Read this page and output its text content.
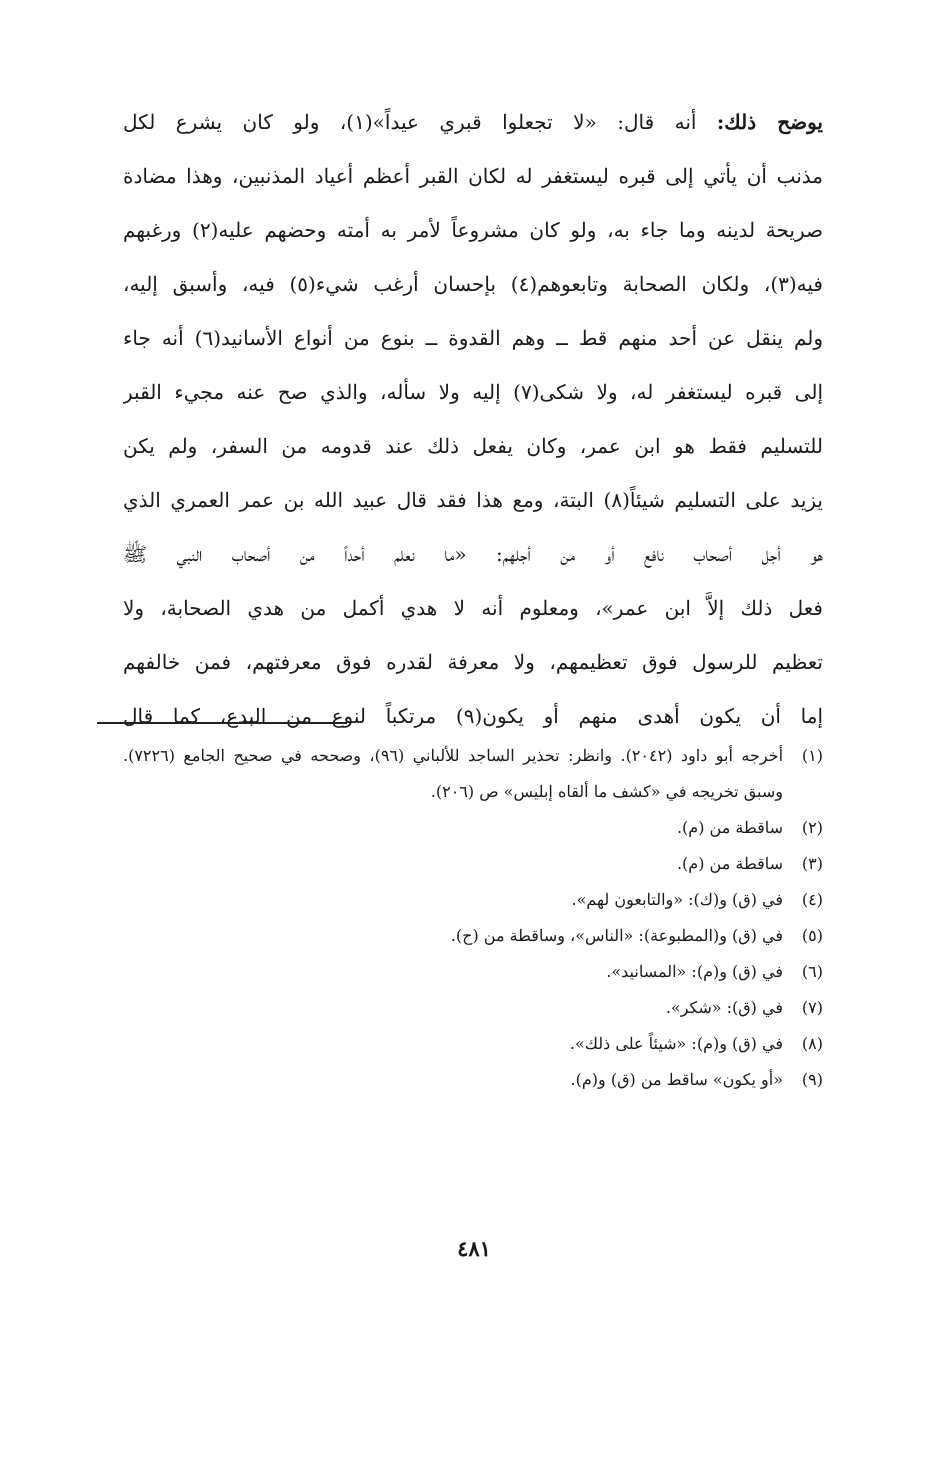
يوضح ذلك: أنه قال: «لا تجعلوا قبري عيداً»(١)، ولو كان يشرع لكل
مذنب أن يأتي إلى قبره ليستغفر له لكان القبر أعظم أعياد المذنبين، وهذا مضادة
صريحة لدينه وما جاء به، ولو كان مشروعاً لأمر به أمته وحضهم عليه(٢) ورغبهم
فيه(٣)، ولكان الصحابة وتابعوهم(٤) بإحسان أرغب شيء(٥) فيه، وأسبق إليه،
ولم ينقل عن أحد منهم قط ــ وهم القدوة ــ بنوع من أنواع الأسانيد(٦) أنه جاء
إلى قبره ليستغفر له، ولا شكى(٧) إليه ولا سأله، والذي صح عنه مجيء القبر
للتسليم فقط هو ابن عمر، وكان يفعل ذلك عند قدومه من السفر، ولم يكن
يزيد على التسليم شيئاً(٨) البتة، ومع هذا فقد قال عبيد الله بن عمر العمري الذي
هو أجل أصحاب نافع أو من أجلهم: «ما نعلم أحداً من أصحاب النبي ﷺ
فعل ذلك إلاَّ ابن عمر»، ومعلوم أنه لا هدي أكمل من هدي الصحابة، ولا
تعظيم للرسول فوق تعظيمهم، ولا معرفة لقدره فوق معرفتهم، فمن خالفهم
إما أن يكون أهدى منهم أو يكون(٩) مرتكباً لنوع من البدع، كما قال
(١)
أخرجه أبو داود (٢٠٤٢). وانظر: تحذير الساجد للألباني (٩٦)، وصححه في صحيح الجامع (٧٢٢٦). وسبق تخريجه في «كشف ما ألقاه إبليس» ص (٢٠٦).
(٢)
ساقطة من (م).
(٣)
ساقطة من (م).
(٤)
في (ق) و(ك): «والتابعون لهم».
(٥)
في (ق) و(المطبوعة): «الناس»، وساقطة من (ح).
(٦)
في (ق) و(م): «المسانيد».
(٧)
في (ق): «شكر».
(٨)
في (ق) و(م): «شيئاً على ذلك».
(٩)
«أو يكون» ساقط من (ق) و(م).
٤٨١
